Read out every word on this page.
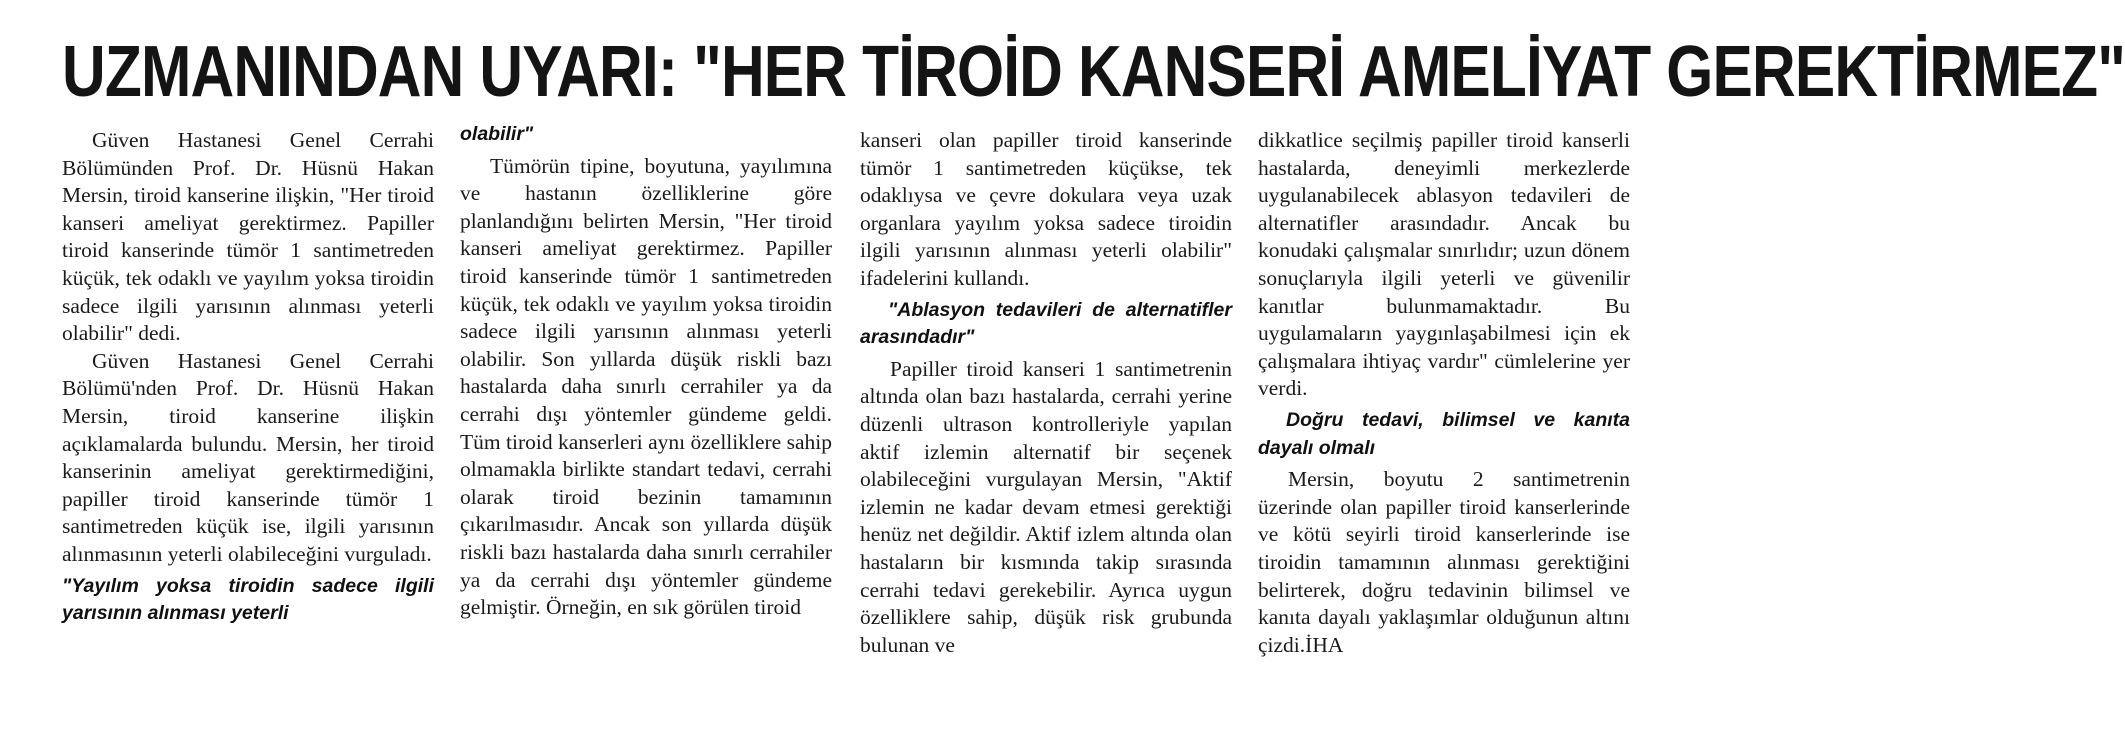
UZMANINDAN UYARI: "HER TİROİD KANSERİ AMELİYAT GEREKTİRMEZ"

Güven Hastanesi Genel Cerrahi Bölümünden Prof. Dr. Hüsnü Hakan Mersin, tiroid kanserine ilişkin, "Her tiroid kanseri ameliyat gerektirmez. Papiller tiroid kanserinde tümör 1 santimetreden küçük, tek odaklı ve yayılım yoksa tiroidin sadece ilgili yarısının alınması yeterli olabilir" dedi.

Güven Hastanesi Genel Cerrahi Bölümü'nden Prof. Dr. Hüsnü Hakan Mersin, tiroid kanserine ilişkin açıklamalarda bulundu. Mersin, her tiroid kanserinin ameliyat gerektirmediğini, papiller tiroid kanserinde tümör 1 santimetreden küçük ise, ilgili yarısının alınmasının yeterli olabileceğini vurguladı.

"Yayılım yoksa tiroidin sadece ilgili yarısının alınması yeterli
olabilir"

Tümörün tipine, boyutuna, yayılımına ve hastanın özelliklerine göre planlandığını belirten Mersin, "Her tiroid kanseri ameliyat gerektirmez. Papiller tiroid kanserinde tümör 1 santimetreden küçük, tek odaklı ve yayılım yoksa tiroidin sadece ilgili yarısının alınması yeterli olabilir. Son yıllarda düşük riskli bazı hastalarda daha sınırlı cerrahiler ya da cerrahi dışı yöntemler gündeme geldi. Tüm tiroid kanserleri aynı özelliklere sahip olmamakla birlikte standart tedavi, cerrahi olarak tiroid bezinin tamamının çıkarılmasıdır. Ancak son yıllarda düşük riskli bazı hastalarda daha sınırlı cerrahiler ya da cerrahi dışı yöntemler gündeme gelmiştir. Örneğin, en sık görülen tiroid

kanseri olan papiller tiroid kanserinde tümör 1 santimetreden küçükse, tek odaklıysa ve çevre dokulara veya uzak organlara yayılım yoksa sadece tiroidin ilgili yarısının alınması yeterli olabilir" ifadelerini kullandı.

"Ablasyon tedavileri de alternatifler arasındadır"

Papiller tiroid kanseri 1 santimetrenin altında olan bazı hastalarda, cerrahi yerine düzenli ultrason kontrolleriyle yapılan aktif izlemin alternatif bir seçenek olabileceğini vurgulayan Mersin, "Aktif izlemin ne kadar devam etmesi gerektiği henüz net değildir. Aktif izlem altında olan hastaların bir kısmında takip sırasında cerrahi tedavi gerekebilir. Ayrıca uygun özelliklere sahip, düşük risk grubunda bulunan ve

dikkatlice seçilmiş papiller tiroid kanserli hastalarda, deneyimli merkezlerde uygulanabilecek ablasyon tedavileri de alternatifler arasındadır. Ancak bu konudaki çalışmalar sınırlıdır; uzun dönem sonuçlarıyla ilgili yeterli ve güvenilir kanıtlar bulunmamaktadır. Bu uygulamaların yaygınlaşabilmesi için ek çalışmalara ihtiyaç vardır" cümlelerine yer verdi.

Doğru tedavi, bilimsel ve kanıta dayalı olmalı

Mersin, boyutu 2 santimetrenin üzerinde olan papiller tiroid kanserlerinde ve kötü seyirli tiroid kanserlerinde ise tiroidin tamamının alınması gerektiğini belirterek, doğru tedavinin bilimsel ve kanıta dayalı yaklaşımlar olduğunun altını çizdi.İHA
